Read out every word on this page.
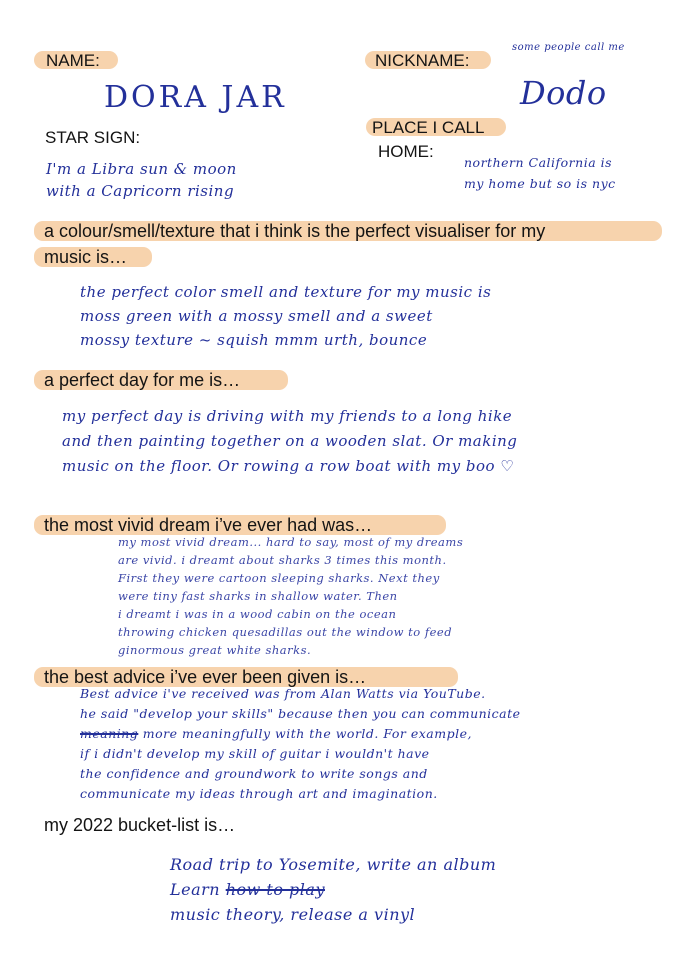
NAME:	NICKNAME:
STAR SIGN:
PLACE I CALL
HOME:
a colour/smell/texture that i think is the perfect visualiser for my
music is…
a perfect day for me is…
the most vivid dream i’ve ever had was…
the best advice i’ve ever been given is…
my 2022 bucket-list is…
DORA JAR
some people call me
Dodo
I'm a Libra sun & moon
with a Capricorn rising
northern California is
my home but so is nyc
the perfect color smell and texture for my music is
moss green with a mossy smell and a sweet
mossy texture ~ squish mmm urth, bounce
my perfect day is driving with my friends to a long hike
and then painting together on a wooden slat. Or making
music on the floor. Or rowing a row boat with my boo ♡
my most vivid dream... hard to say, most of my dreams
are vivid. i dreamt about sharks 3 times this month.
First they were cartoon sleeping sharks. Next they
were tiny fast sharks in shallow water. Then
i dreamt i was in a wood cabin on the ocean
throwing chicken quesadillas out the window to feed
ginormous great white sharks.
Best advice i've received was from Alan Watts via YouTube.
he said "develop your skills" because then you can communicate
meaning more meaningfully with the world. For example,
if i didn't develop my skill of guitar i wouldn't have
the confidence and groundwork to write songs and
communicate my ideas through art and imagination.
Road trip to Yosemite, write an album
Learn how to play
music theory, release a vinyl
